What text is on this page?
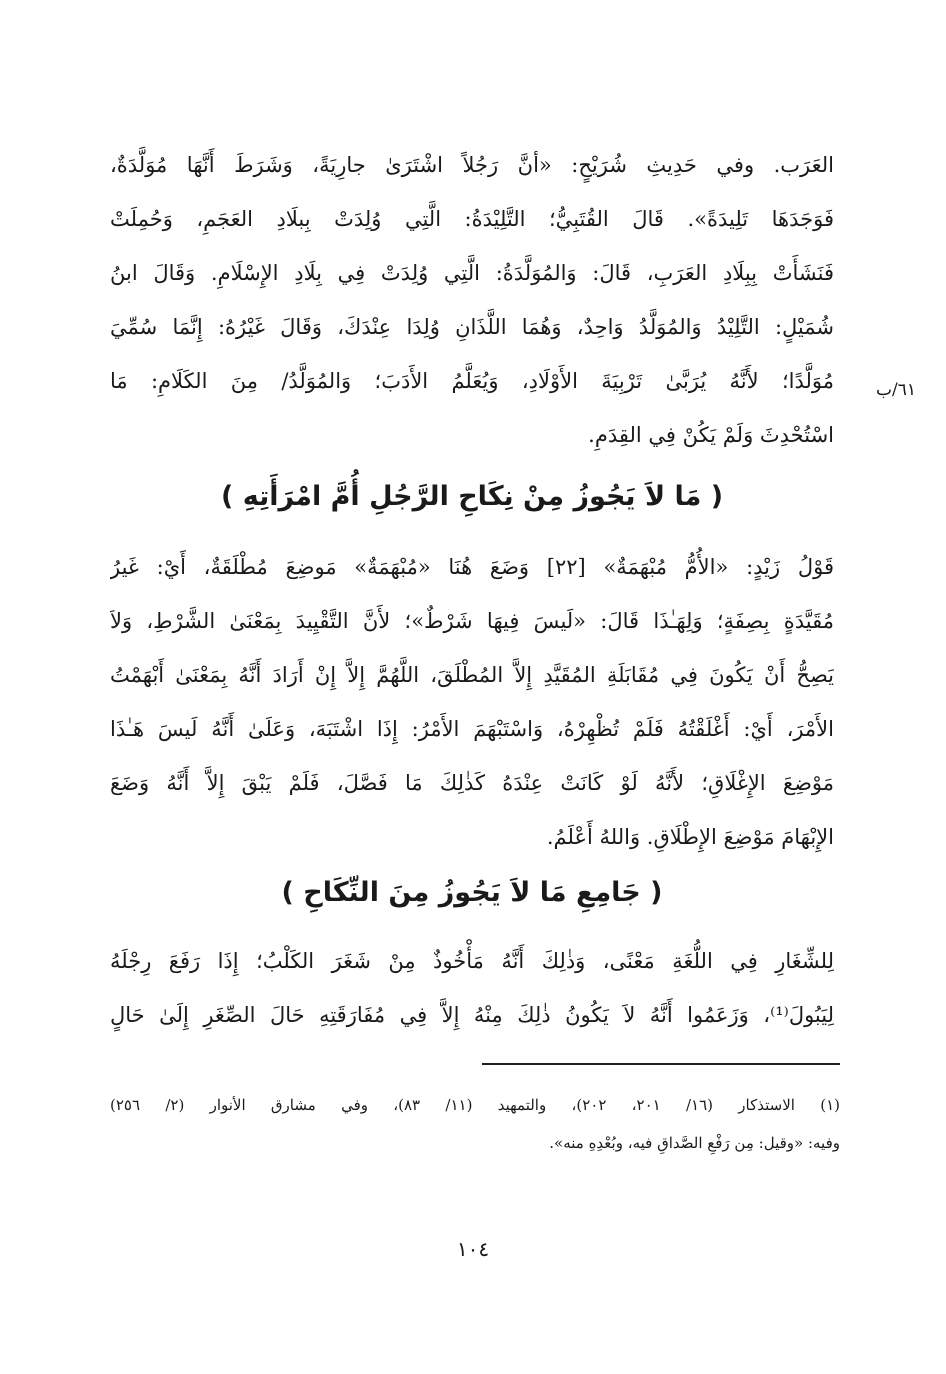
٦١/ب
العَرَب. وفي حَدِيثِ شُرَيْحٍ: «أنَّ رَجُلاً اشْتَرَىٰ جارِيَةً، وَشَرَطَ أَنَّهَا مُوَلَّدَةٌ،
فَوَجَدَهَا تَلِيدَةً». قَالَ القُتَبِيُّ؛ التَّلِيْدَةُ: الَّتِي وُلِدَتْ بِبلَادِ العَجَمِ، وَحُمِلَتْ
فَنَشَأَتْ بِبِلَادِ العَرَبِ، قَالَ: وَالمُوَلَّدَةُ: الَّتِي وُلِدَتْ فِي بِلَادِ الإِسْلَامِ. وَقَالَ ابنُ
شُمَيْلٍ: التَّلِيْدُ وَالمُوَلَّدُ وَاحِدٌ، وَهُمَا اللَّذَانِ وُلِدَا عِنْدَكَ، وَقَالَ غَيْرُهُ: إِنَّمَا سُمِّيَ
مُوَلَّدًا؛ لأَنَّهُ يُرَبَّىٰ تَرْبِيَةَ الأَوْلَادِ، وَيُعَلَّمُ الأَدَبَ؛ وَالمُوَلَّدُ/ مِنَ الكَلَامِ: مَا
اسْتُحْدِثَ وَلَمْ يَكُنْ فِي القِدَمِ.
( مَا لاَ يَجُوزُ مِنْ نِكَاحِ الرَّجُلِ أُمَّ امْرَأَتِهِ )
قَوْلُ زَيْدٍ: «الأُمُّ مُبْهَمَةٌ» [٢٢] وَضَعَ هُنَا «مُبْهَمَةٌ» مَوضِعَ مُطْلَقَةٌ، أَيْ: غَيرُ
مُقَيَّدَةٍ بِصِفَةٍ؛ وَلِهَـٰذَا قَالَ: «لَيسَ فِيهَا شَرْطٌ»؛ لأَنَّ التَّقْيِيدَ بِمَعْنَىٰ الشَّرْطِ، وَلاَ
يَصِحُّ أَنْ يَكُونَ فِي مُقَابَلَةِ المُقَيَّدِ إِلاَّ المُطْلَقَ، اللَّهُمَّ إِلاَّ إِنْ أَرَادَ أَنَّهُ بِمَعْنَىٰ أَبْهَمْتُ
الأَمْرَ، أَيْ: أَغْلَقْتُهُ فَلَمْ تُظْهِرْهُ، وَاسْتَبْهَمَ الأَمْرُ: إِذَا اشْتَبَهَ، وَعَلَىٰ أَنَّهُ لَيسَ هَـٰذَا
مَوْضِعَ الإِغْلَاقِ؛ لأَنَّهُ لَوْ كَانَتْ عِنْدَهُ كَذٰلِكَ مَا فَصَّلَ، فَلَمْ يَبْقَ إِلاَّ أَنَّهُ وَضَعَ
الإِبْهَامَ مَوْضِعَ الإِطْلَاقِ. وَاللهُ أَعْلَمُ.
( جَامِعِ مَا لاَ يَجُوزُ مِنَ النِّكَاحِ )
لِلشِّغَارِ فِي اللُّغَةِ مَعْنًى، وَذٰلِكَ أَنَّهُ مَأْخُوذٌ مِنْ شَغَرَ الكَلْبُ؛ إِذَا رَفَعَ رِجْلَهُ
لِيَبُولَ⁽¹⁾، وَزَعَمُوا أَنَّهُ لاَ يَكُونُ ذٰلِكَ مِنْهُ إِلاَّ فِي مُفَارَقَتِهِ حَالَ الصِّغَرِ إِلَىٰ حَالٍ
(١) الاستذكار (١٦/ ٢٠١، ٢٠٢)، والتمهيد (١١/ ٨٣)، وفي مشارق الأنوار (٢/ ٢٥٦)
وفيه: «وقيل: مِن رَفْعِ الصَّداقِ فيه، وبُعْدِهِ منه».
١٠٤
